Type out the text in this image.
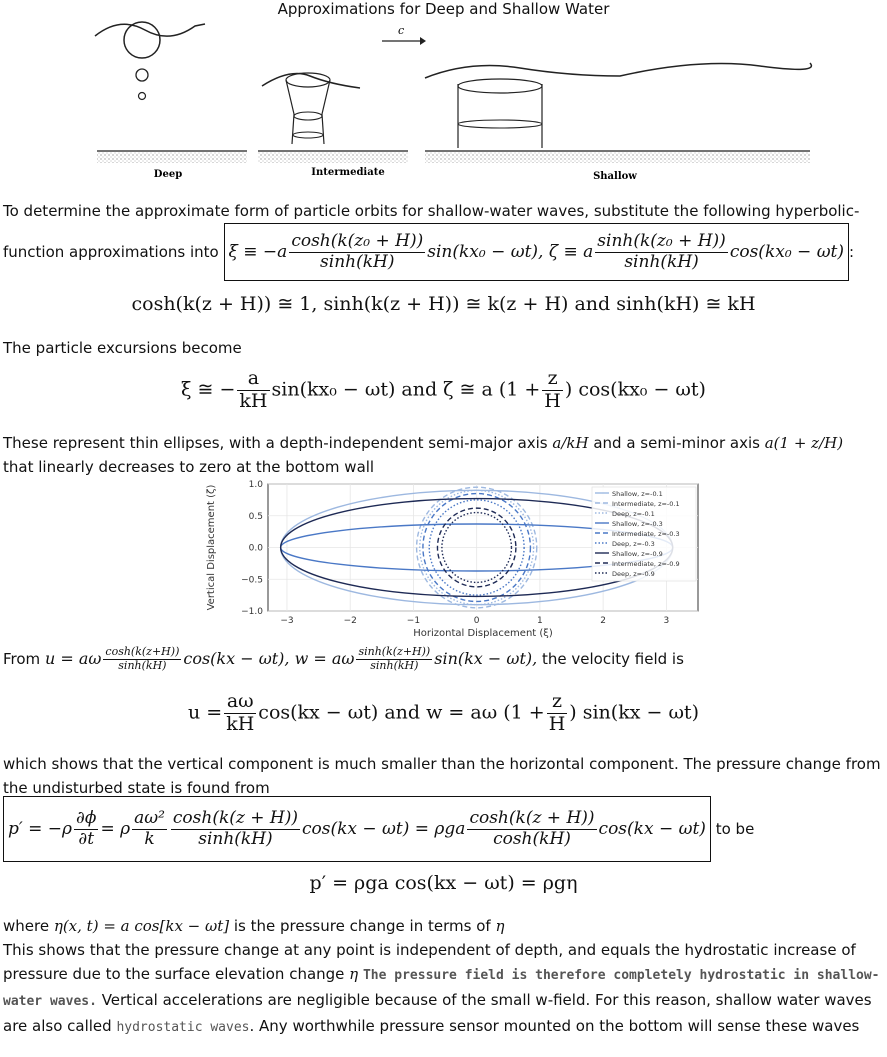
Approximations for Deep and Shallow Water
Deep	Intermediate
c
Shallow
To determine the approximate form of particle orbits for shallow-water waves, substitute the following hyperbolic-
function approximations into $\xi \equiv -a \frac{\text{cosh(k(z₀ + H))}}{\sinh(kH)} \sin(kx_0 - \omega t)$, ζ ≡ a $\frac{\text{sinh(k(z₀ + H))}}{\sinh(kH)} \cos(kx_0 - \omega t)$ :
cosh(k(z + H)) ≅ 1, sinh(k(z + H)) ≅ k(z + H) and sinh(kH) ≅ kH
The particle excursions become
ξ ≅ − $\frac{a}{kH} \sin(kx_0 - \omega t)$ and ζ ≅ a ($1 + \frac{z}{H}$ ) cos(kx₀ − ωt)
These represent thin ellipses, with a depth-independent semi-major axis a/kH and a semi-minor axis a(1 + z/H)
that linearly decreases to zero at the bottom wall
−3	−2	−1	0	1	2	3
1.0
0.5
0.0
−0.5
−1.0
Horizontal Displacement (ξ)
Vertical Displacement (ζ)	Shallow, z=-0.1
Intermediate, z=-0.1
Deep, z=-0.1
Shallow, z=-0.3
Intermediate, z=-0.3
Deep, z=-0.3
Shallow, z=-0.9
Intermediate, z=-0.9
Deep, z=-0.9
From u = aω $\frac{\cosh(k(z+H))}{\sinh(kH)} \cos(kx - \omega t)$, w = aω $\frac{\sinh(k(z+H))}{\sinh(kH)} \sin(kx - \omega t)$, the velocity field is
$u = \frac{a\omega}{kH} \cos(kx - \omega t)$ and w = aω ($1 + \frac{z}{H}$ ) sin(kx − ωt)
which shows that the vertical component is much smaller than the horizontal component. The pressure change from the undisturbed state is found from
$p' = -\rho \frac{\partial\phi}{\partial t} = \rho \frac{\text{aω²}}{k} \frac{\cosh(k(z + H))}{\sinh(kH)} \cos(kx - \omega t) = \rho ga \frac{\cosh(k(z + H))}{\cosh(kH)} \cos(kx - \omega t)$ to be
p′ = ρga cos(kx − ωt) = ρgη
where η(x, t) = a cos[kx − ωt] is the pressure change in terms of η
This shows that the pressure change at any point is independent of depth, and equals the hydrostatic increase of pressure due to the surface elevation change η The pressure field is therefore completely hydrostatic in shallow-water waves. Vertical accelerations are negligible because of the small w-field. For this reason, shallow water waves are also called hydrostatic waves. Any worthwhile pressure sensor mounted on the bottom will sense these waves
